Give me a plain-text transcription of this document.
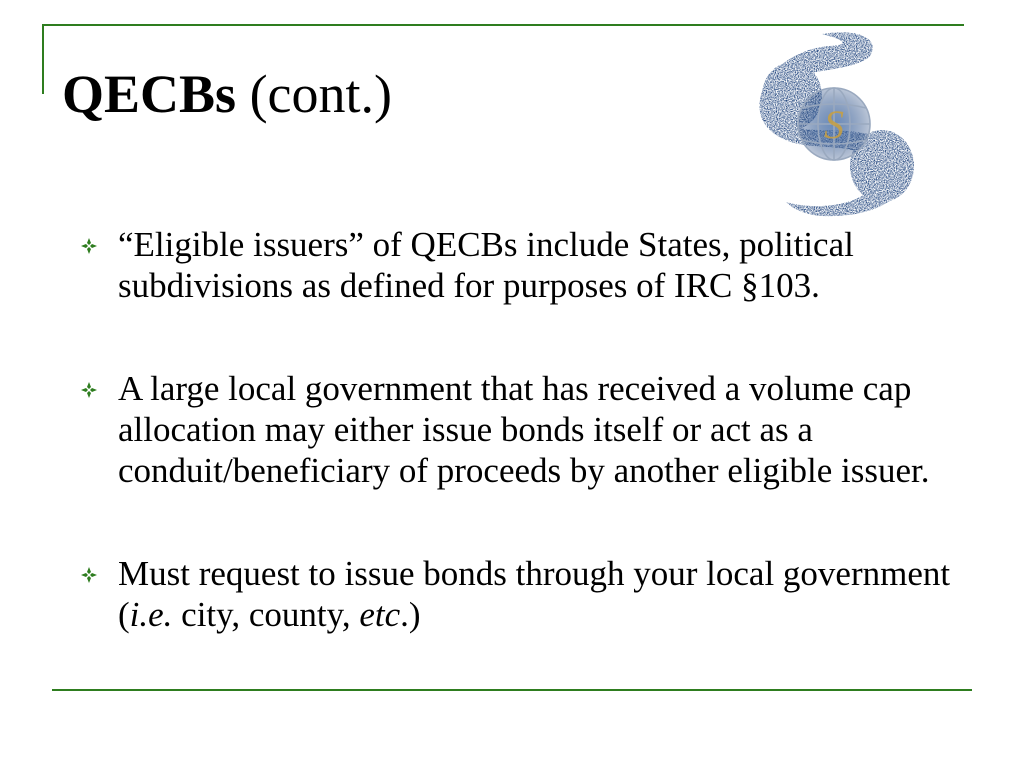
QECBs (cont.)
S
“Eligible issuers” of QECBs include States, political subdivisions as defined for purposes of IRC §103.
A large local government that has received a volume cap allocation may either issue bonds itself or act as a conduit/beneficiary of proceeds by another eligible issuer.
Must request to issue bonds through your local government (i.e. city, county, etc.)
